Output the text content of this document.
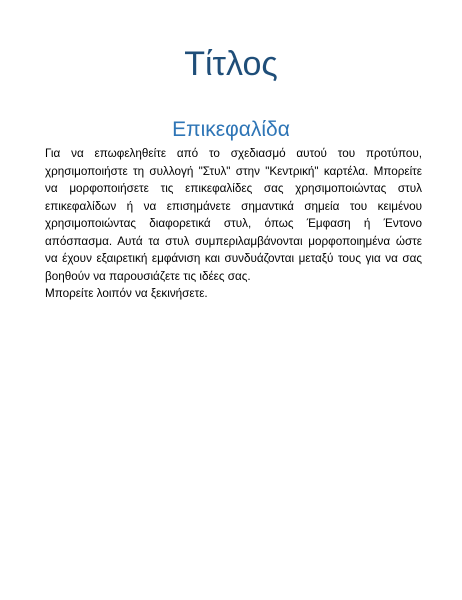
Τίτλος
Επικεφαλίδα

Για να επωφεληθείτε από το σχεδιασμό αυτού του προτύπου, χρησιμοποιήστε τη συλλογή "Στυλ" στην "Κεντρική" καρτέλα. Μπορείτε να μορφοποιήσετε τις επικεφαλίδες σας χρησιμοποιώντας στυλ επικεφαλίδων ή να επισημάνετε σημαντικά σημεία του κειμένου χρησιμοποιώντας διαφορετικά στυλ, όπως Έμφαση ή Έντονο απόσπασμα. Αυτά τα στυλ συμπεριλαμβάνονται μορφοποιημένα ώστε να έχουν εξαιρετική εμφάνιση και συνδυάζονται μεταξύ τους για να σας βοηθούν να παρουσιάζετε τις ιδέες σας.

Μπορείτε λοιπόν να ξεκινήσετε.
